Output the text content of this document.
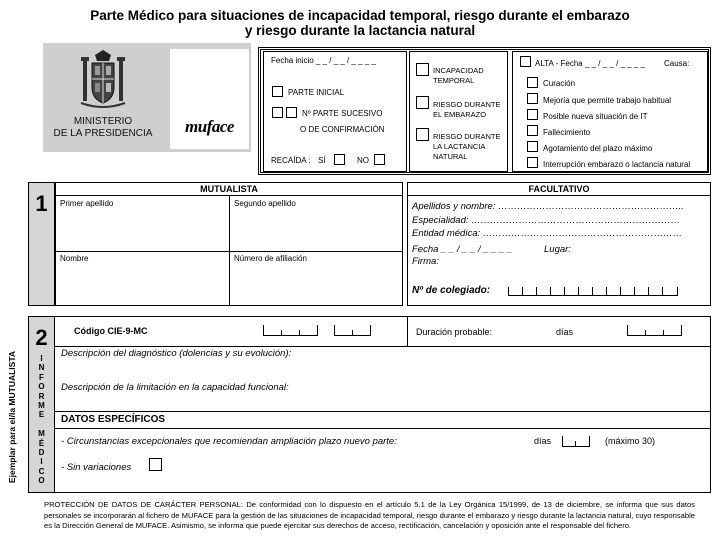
Parte Médico para situaciones de incapacidad temporal, riesgo durante el embarazo
y riesgo durante la lactancia natural
MINISTERIO
DE LA PRESIDENCIA	muface
Fecha inicio _ _ / _ _ / _ _ _ _
PARTE INICIAL
Nº PARTE SUCESIVO
O DE CONFIRMACIÓN
RECAÍDA : SÍ	NO
INCAPACIDAD
TEMPORAL
RIESGO DURANTE
EL EMBARAZO
RIESGO DURANTE
LA LACTANCIA
NATURAL
ALTA - Fecha _ _ / _ _ / _ _ _ _ Causa:
Curación
Mejoría que permite trabajo habitual
Posible nueva situación de IT
Fallecimiento
Agotamiento del plazo máximo
Interrupción embarazo o lactancia natural
1
MUTUALISTA
Primer apellido	Segundo apellido
Nombre	Número de afiliación
FACULTATIVO
Apellidos y nombre: …………………………………………………..
Especialidad: …………………………………………………………
Entidad médica: ………………………………………………………
Fecha _ _ / _ _ / _ _ _ _	Lugar:
Firma:
Nº de colegiado:
Ejemplar para el/la MUTUALISTA
2
I
N
F
O
R
M
E

M
É
D
I
C
O
Código CIE-9-MC	Duración probable:	días
Descripción del diagnóstico (dolencias y su evolución):
Descripción de la limitación en la capacidad funcional:
DATOS ESPECÍFICOS
- Circunstancias excepcionales que recomiendan ampliación plazo nuevo parte:	días	(máximo 30)
- Sin variaciones
PROTECCIÓN DE DATOS DE CARÁCTER PERSONAL: De conformidad con lo dispuesto en el artículo 5.1 de la Ley Orgánica 15/1999, de 13 de diciembre, se informa que sus datos personales se incorporarán al fichero de MUFACE para la gestión de las situaciones de incapacidad temporal, riesgo durante el embarazo y riesgo durante la lactancia natural, cuyo responsable es la Dirección General de MUFACE. Asimismo, se informa que puede ejercitar sus derechos de acceso, rectificación, cancelación y oposición ante el responsable del fichero.
